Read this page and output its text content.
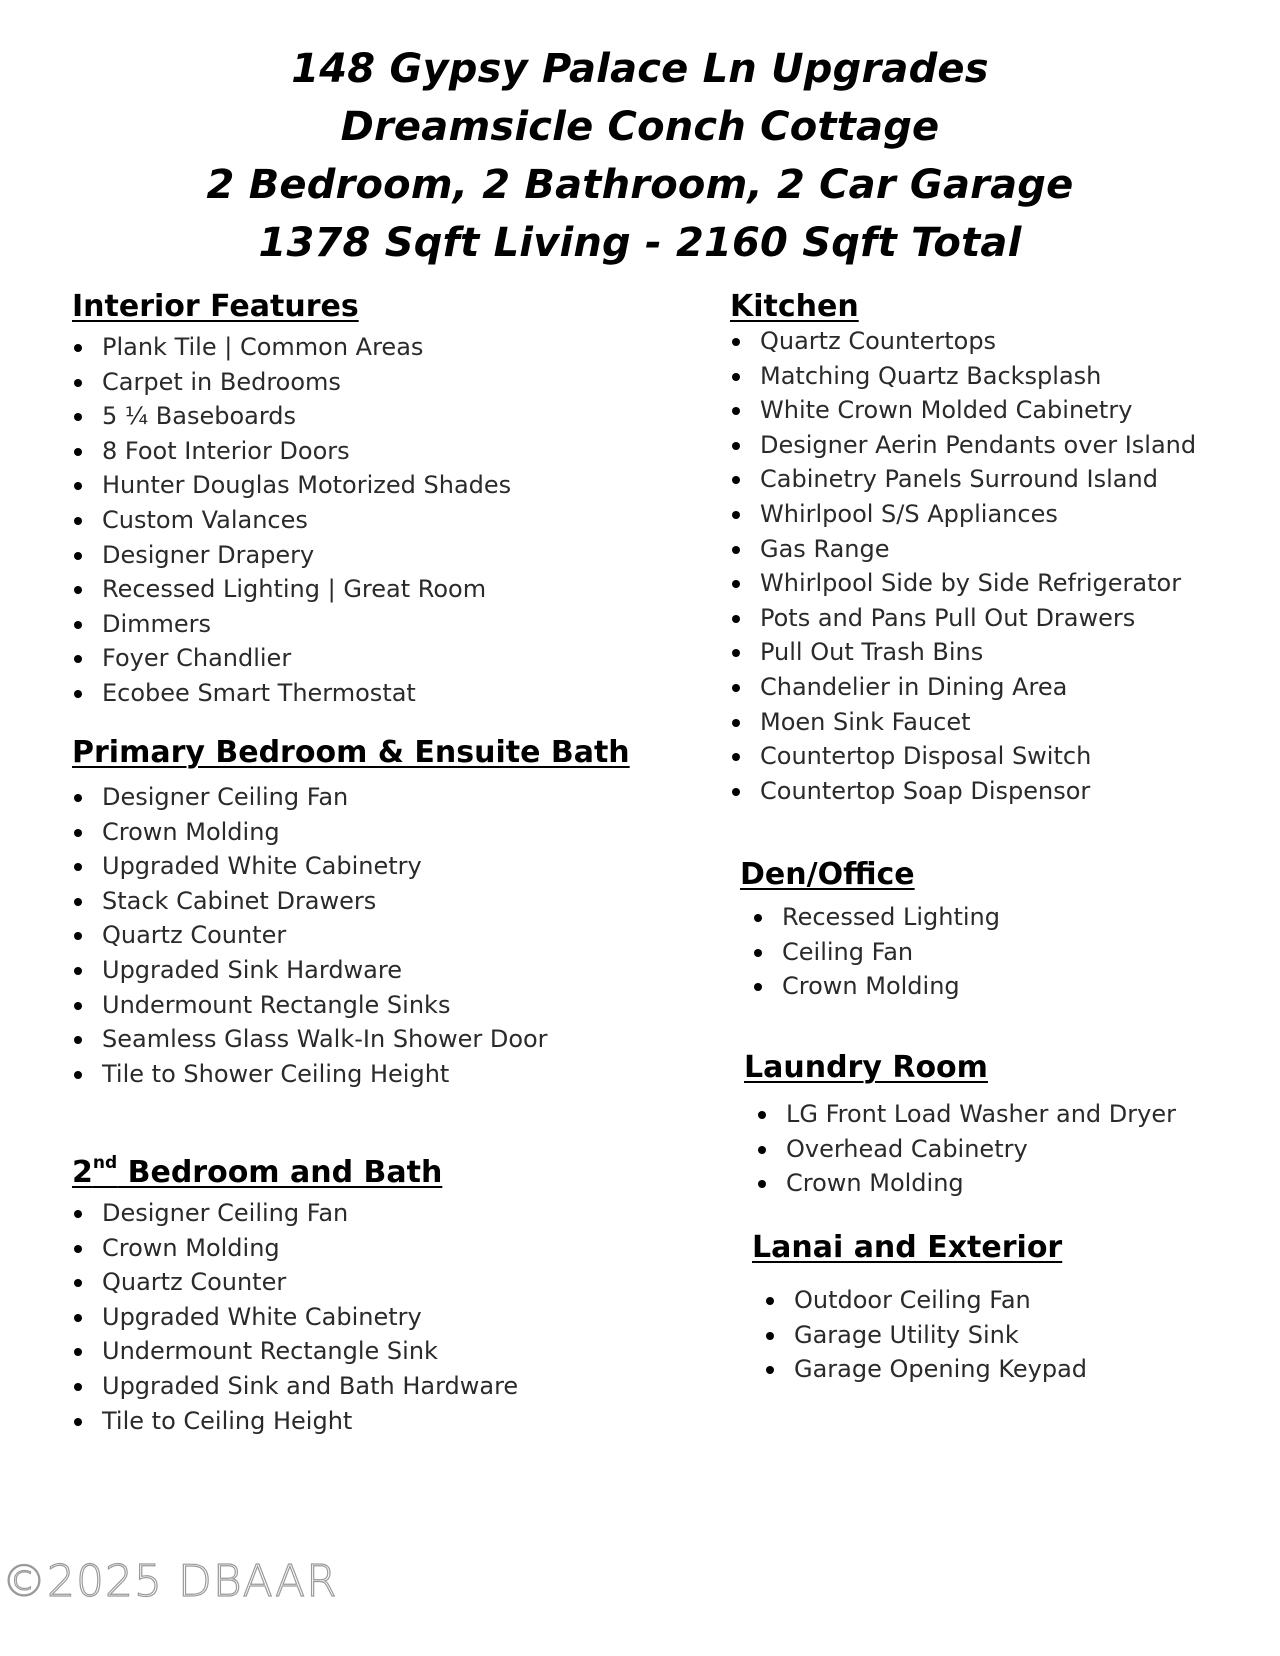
148 Gypsy Palace Ln Upgrades
Dreamsicle Conch Cottage
2 Bedroom, 2 Bathroom, 2 Car Garage
1378 Sqft Living - 2160 Sqft Total
Interior Features
Plank Tile | Common Areas
Carpet in Bedrooms
5 ¼ Baseboards
8 Foot Interior Doors
Hunter Douglas Motorized Shades
Custom Valances
Designer Drapery
Recessed Lighting | Great Room
Dimmers
Foyer Chandlier
Ecobee Smart Thermostat
Primary Bedroom & Ensuite Bath
Designer Ceiling Fan
Crown Molding
Upgraded White Cabinetry
Stack Cabinet Drawers
Quartz Counter
Upgraded Sink Hardware
Undermount Rectangle Sinks
Seamless Glass Walk-In Shower Door
Tile to Shower Ceiling Height
2nd Bedroom and Bath
Designer Ceiling Fan
Crown Molding
Quartz Counter
Upgraded White Cabinetry
Undermount Rectangle Sink
Upgraded Sink and Bath Hardware
Tile to Ceiling Height
Kitchen
Quartz Countertops
Matching Quartz Backsplash
White Crown Molded Cabinetry
Designer Aerin Pendants over Island
Cabinetry Panels Surround Island
Whirlpool S/S Appliances
Gas Range
Whirlpool Side by Side Refrigerator
Pots and Pans Pull Out Drawers
Pull Out Trash Bins
Chandelier in Dining Area
Moen Sink Faucet
Countertop Disposal Switch
Countertop Soap Dispensor
Den/Office
Recessed Lighting
Ceiling Fan
Crown Molding
Laundry Room
LG Front Load Washer and Dryer
Overhead Cabinetry
Crown Molding
Lanai and Exterior
Outdoor Ceiling Fan
Garage Utility Sink
Garage Opening Keypad
©2025 DBAAR
